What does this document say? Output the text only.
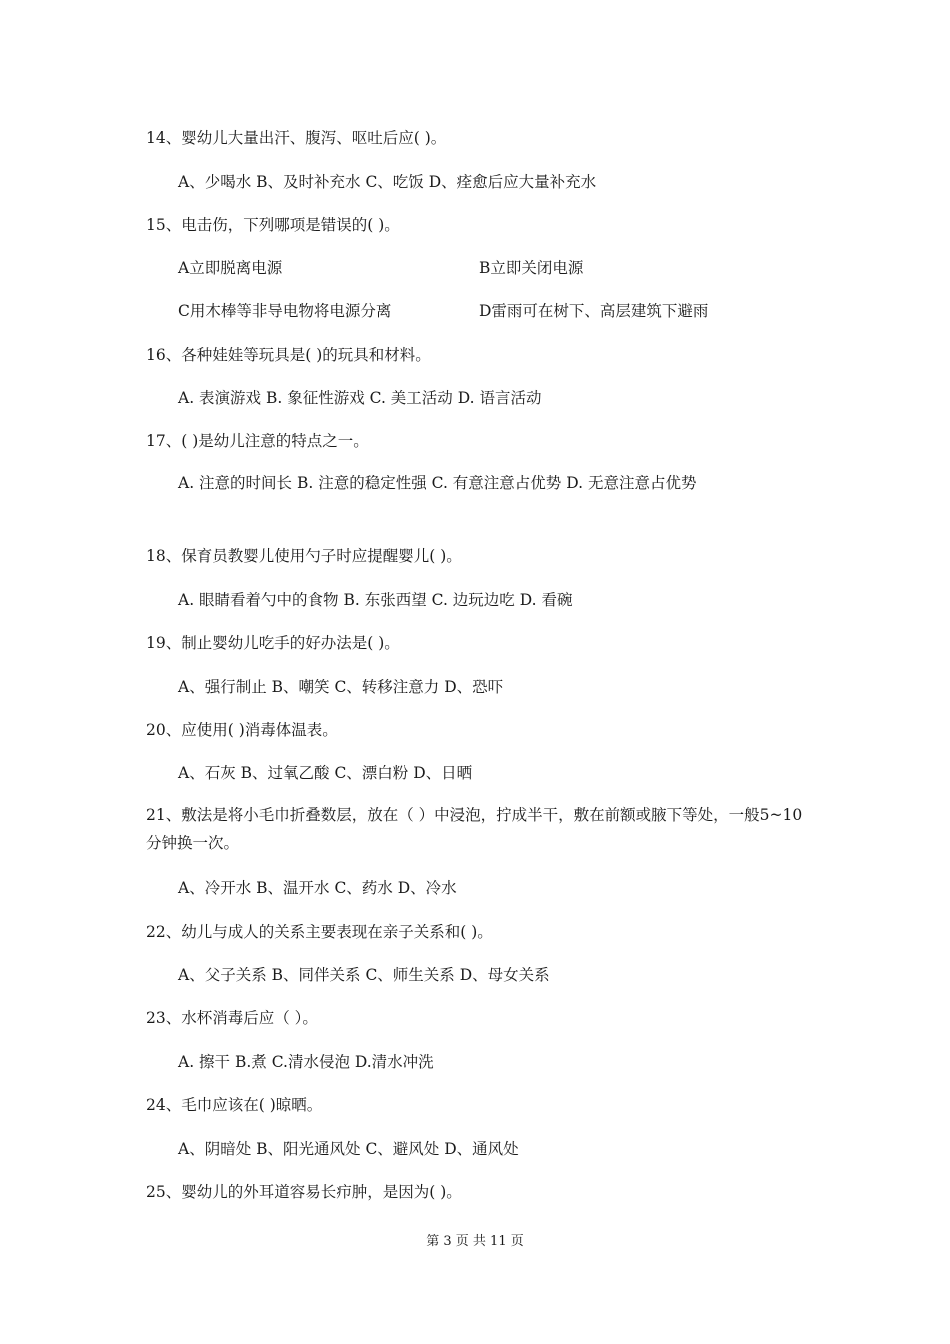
14、婴幼儿大量出汗、腹泻、呕吐后应( )。
A、少喝水 B、及时补充水 C、吃饭 D、痊愈后应大量补充水
15、电击伤，下列哪项是错误的( )。
A立即脱离电源	B立即关闭电源
C用木棒等非导电物将电源分离	D雷雨可在树下、高层建筑下避雨
16、各种娃娃等玩具是( )的玩具和材料。
A. 表演游戏 B. 象征性游戏 C. 美工活动 D. 语言活动
17、( )是幼儿注意的特点之一。
A. 注意的时间长 B. 注意的稳定性强 C. 有意注意占优势 D. 无意注意占优势
18、保育员教婴儿使用勺子时应提醒婴儿( )。
A. 眼睛看着勺中的食物 B. 东张西望 C. 边玩边吃 D. 看碗
19、制止婴幼儿吃手的好办法是( )。
A、强行制止 B、嘲笑 C、转移注意力 D、恐吓
20、应使用( )消毒体温表。
A、石灰 B、过氧乙酸 C、漂白粉 D、日晒
21、敷法是将小毛巾折叠数层，放在（ ）中浸泡，拧成半干，敷在前额或腋下等处，一般5~10分钟换一次。
A、冷开水 B、温开水 C、药水 D、冷水
22、幼儿与成人的关系主要表现在亲子关系和( )。
A、父子关系 B、同伴关系 C、师生关系 D、母女关系
23、水杯消毒后应（ ）。
A. 擦干 B.煮 C.清水侵泡 D.清水冲洗
24、毛巾应该在( )晾晒。
A、阴暗处 B、阳光通风处 C、避风处 D、通风处
25、婴幼儿的外耳道容易长疖肿，是因为( )。
第 3 页 共 11 页
